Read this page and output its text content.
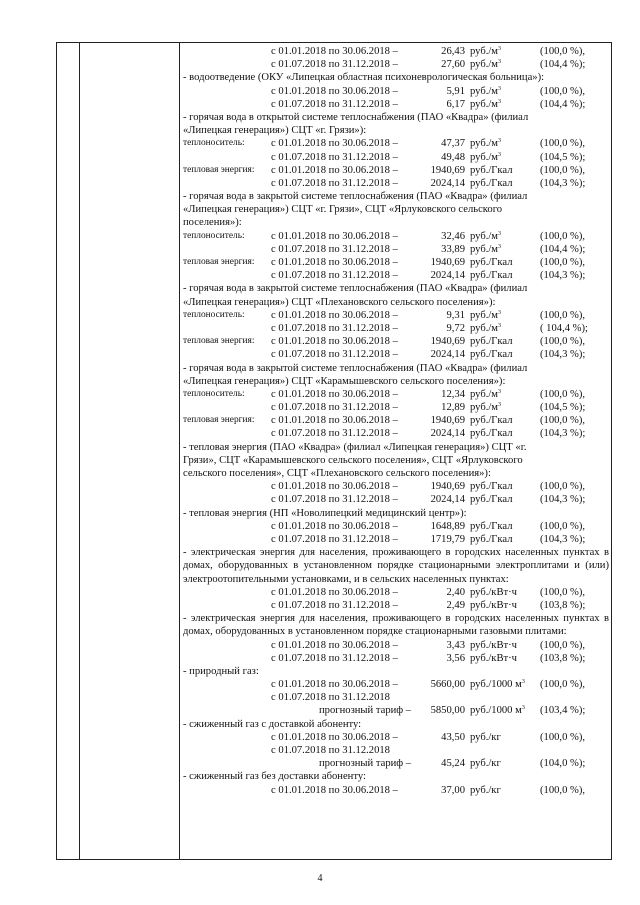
с 01.01.2018 по 30.06.2018 –	26,43 $руб./м^3$	(100,0 %),
с 01.07.2018 по 31.12.2018 –	27,60 $руб./м^3$	(104,4 %);
- водоотведение (ОКУ «Липецкая областная психоневрологическая больница»):
с 01.01.2018 по 30.06.2018 –	5,91 $руб./м^3$	(100,0 %),
с 01.07.2018 по 31.12.2018 –	6,17 $руб./м^3$	(104,4 %);
- горячая вода в открытой системе теплоснабжения (ПАО «Квадра» (филиал
«Липецкая генерация») СЦТ «г. Грязи»):
теплоноситель: с 01.01.2018 по 30.06.2018 –	47,37 $руб./м^3$	(100,0 %),
с 01.07.2018 по 31.12.2018 –	49,48 $руб./м^3$	(104,5 %);
тепловая энергия: с 01.01.2018 по 30.06.2018 –	1940,69 руб./Гкал	(100,0 %),
с 01.07.2018 по 31.12.2018 –	2024,14 руб./Гкал	(104,3 %);
- горячая вода в закрытой системе теплоснабжения (ПАО «Квадра» (филиал
«Липецкая генерация») СЦТ «г. Грязи», СЦТ «Ярлуковского сельского
поселения»):
теплоноситель: с 01.01.2018 по 30.06.2018 –	32,46 $руб./м^3$	(100,0 %),
с 01.07.2018 по 31.12.2018 –	33,89 $руб./м^3$	(104,4 %);
тепловая энергия: с 01.01.2018 по 30.06.2018 –	1940,69 руб./Гкал	(100,0 %),
с 01.07.2018 по 31.12.2018 –	2024,14 руб./Гкал	(104,3 %);
- горячая вода в закрытой системе теплоснабжения (ПАО «Квадра» (филиал
«Липецкая генерация») СЦТ «Плехановского сельского поселения»):
теплоноситель: с 01.01.2018 по 30.06.2018 –	9,31 $руб./м^3$	(100,0 %),
с 01.07.2018 по 31.12.2018 –	9,72 $руб./м^3$	( 104,4 %);
тепловая энергия: с 01.01.2018 по 30.06.2018 –	1940,69 руб./Гкал	(100,0 %),
с 01.07.2018 по 31.12.2018 –	2024,14 руб./Гкал	(104,3 %);
- горячая вода в закрытой системе теплоснабжения (ПАО «Квадра» (филиал
«Липецкая генерация») СЦТ «Карамышевского сельского поселения»):
теплоноситель: с 01.01.2018 по 30.06.2018 –	12,34 $руб./м^3$	(100,0 %),
с 01.07.2018 по 31.12.2018 –	12,89 $руб./м^3$	(104,5 %);
тепловая энергия: с 01.01.2018 по 30.06.2018 –	1940,69 руб./Гкал	(100,0 %),
с 01.07.2018 по 31.12.2018 –	2024,14 руб./Гкал	(104,3 %);
- тепловая энергия (ПАО «Квадра» (филиал «Липецкая генерация») СЦТ «г.
Грязи», СЦТ «Карамышевского сельского поселения», СЦТ «Ярлуковского
сельского поселения», СЦТ «Плехановского сельского поселения»):
с 01.01.2018 по 30.06.2018 –	1940,69 руб./Гкал	(100,0 %),
с 01.07.2018 по 31.12.2018 –	2024,14 руб./Гкал	(104,3 %);
- тепловая энергия (НП «Новолипецкий медицинский центр»):
с 01.01.2018 по 30.06.2018 –	1648,89 руб./Гкал	(100,0 %),
с 01.07.2018 по 31.12.2018 –	1719,79 руб./Гкал	(104,3 %);
- электрическая энергия для населения, проживающего в городских населенных пунктах в домах, оборудованных в установленном порядке стационарными электроплитами и (или) электроотопительными установками, и в сельских населенных пунктах:
с 01.01.2018 по 30.06.2018 –	2,40 руб./кВт·ч (100,0 %),
с 01.07.2018 по 31.12.2018 –	2,49 руб./кВт·ч (103,8 %);
- электрическая энергия для населения, проживающего в городских населенных пунктах в домах, оборудованных в установленном порядке стационарными газовыми плитами:
с 01.01.2018 по 30.06.2018 –	3,43 руб./кВт·ч (100,0 %),
с 01.07.2018 по 31.12.2018 –	3,56 руб./кВт·ч (103,8 %);
- природный газ:
с 01.01.2018 по 30.06.2018 –	5660,00 руб./1000 $м^3$ (100,0 %),
с 01.07.2018 по 31.12.2018
прогнозный тариф –	5850,00 руб./1000 $м^3$ (103,4 %);
- сжиженный газ с доставкой абоненту:
с 01.01.2018 по 30.06.2018 –	43,50 руб./кг	(100,0 %),
с 01.07.2018 по 31.12.2018
прогнозный тариф –	45,24 руб./кг	(104,0 %);
- сжиженный газ без доставки абоненту:
с 01.01.2018 по 30.06.2018 –	37,00 руб./кг	(100,0 %),
4
